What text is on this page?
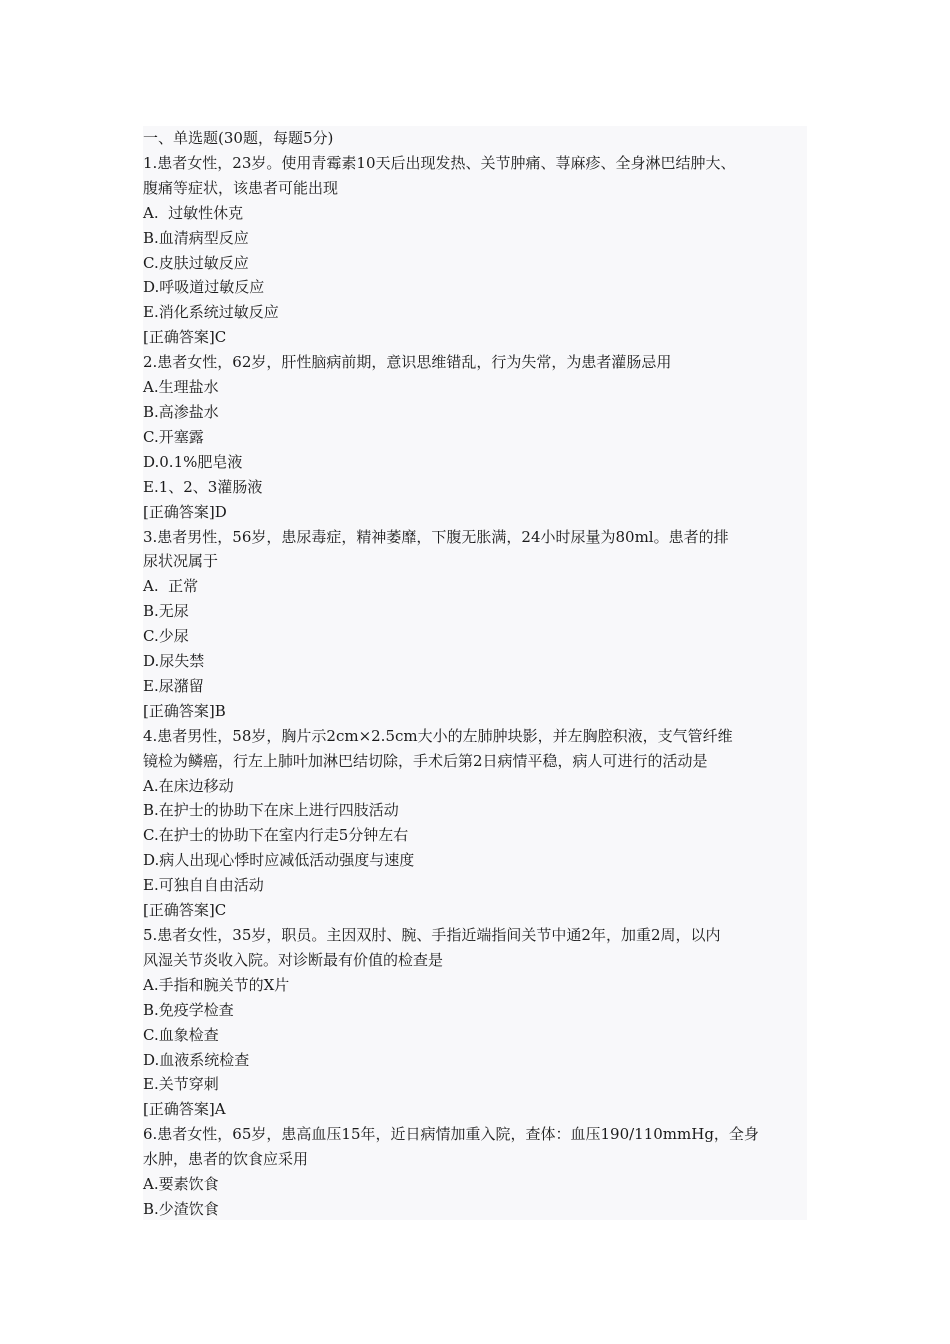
一、单选题(30题，每题5分)
1.患者女性，23岁。使用青霉素10天后出现发热、关节肿痛、荨麻疹、全身淋巴结肿大、
腹痛等症状，该患者可能出现
A.  过敏性休克
B.血清病型反应
C.皮肤过敏反应
D.呼吸道过敏反应
E.消化系统过敏反应
[正确答案]C
2.患者女性，62岁，肝性脑病前期，意识思维错乱，行为失常，为患者灌肠忌用
A.生理盐水
B.高渗盐水
C.开塞露
D.0.1%肥皂液
E.1、2、3灌肠液
[正确答案]D
3.患者男性，56岁，患尿毒症，精神萎靡，下腹无胀满，24小时尿量为80ml。患者的排
尿状况属于
A.  正常
B.无尿
C.少尿
D.尿失禁
E.尿潴留
[正确答案]B
4.患者男性，58岁，胸片示2cm×2.5cm大小的左肺肿块影，并左胸腔积液，支气管纤维
镜检为鳞癌，行左上肺叶加淋巴结切除，手术后第2日病情平稳，病人可进行的活动是
A.在床边移动
B.在护士的协助下在床上进行四肢活动
C.在护士的协助下在室内行走5分钟左右
D.病人出现心悸时应减低活动强度与速度
E.可独自自由活动
[正确答案]C
5.患者女性，35岁，职员。主因双肘、腕、手指近端指间关节中通2年，加重2周，以内
风湿关节炎收入院。对诊断最有价值的检查是
A.手指和腕关节的X片
B.免疫学检查
C.血象检查
D.血液系统检查
E.关节穿刺
[正确答案]A
6.患者女性，65岁，患高血压15年，近日病情加重入院，查体：血压190/110mmHg，全身
水肿，患者的饮食应采用
A.要素饮食
B.少渣饮食
